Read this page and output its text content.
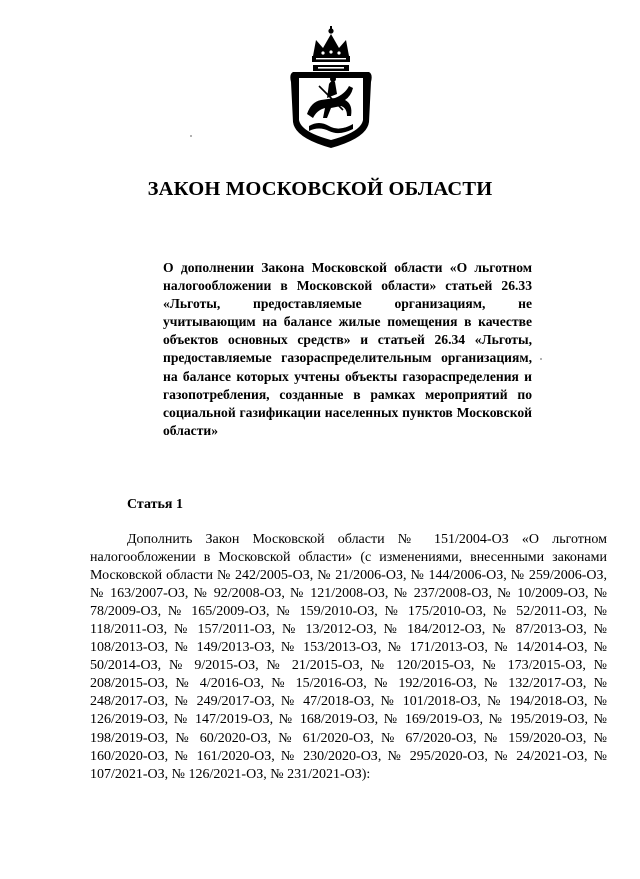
ЗАКОН МОСКОВСКОЙ ОБЛАСТИ

О дополнении Закона Московской области «О льготном налогообложении в Московской области» статьей 26.33 «Льготы, предоставляемые организациям, не учитывающим на балансе жилые помещения в качестве объектов основных средств» и статьей 26.34 «Льготы, предоставляемые газораспределительным организациям, на балансе которых учтены объекты газораспределения и газопотребления, созданные в рамках мероприятий по социальной газификации населенных пунктов Московской области»

Статья 1

Дополнить Закон Московской области № 151/2004-ОЗ «О льготном налогообложении в Московской области» (с изменениями, внесенными законами Московской области № 242/2005-ОЗ, № 21/2006-ОЗ, № 144/2006-ОЗ, № 259/2006-ОЗ, № 163/2007-ОЗ, № 92/2008-ОЗ, № 121/2008-ОЗ, № 237/2008-ОЗ, № 10/2009-ОЗ, № 78/2009-ОЗ, № 165/2009-ОЗ, № 159/2010-ОЗ, № 175/2010-ОЗ, № 52/2011-ОЗ, № 118/2011-ОЗ, № 157/2011-ОЗ, № 13/2012-ОЗ, № 184/2012-ОЗ, № 87/2013-ОЗ, № 108/2013-ОЗ, № 149/2013-ОЗ, № 153/2013-ОЗ, № 171/2013-ОЗ, № 14/2014-ОЗ, № 50/2014-ОЗ, № 9/2015-ОЗ, № 21/2015-ОЗ, № 120/2015-ОЗ, № 173/2015-ОЗ, № 208/2015-ОЗ, № 4/2016-ОЗ, № 15/2016-ОЗ, № 192/2016-ОЗ, № 132/2017-ОЗ, № 248/2017-ОЗ, № 249/2017-ОЗ, № 47/2018-ОЗ, № 101/2018-ОЗ, № 194/2018-ОЗ, № 126/2019-ОЗ, № 147/2019-ОЗ, № 168/2019-ОЗ, № 169/2019-ОЗ, № 195/2019-ОЗ, № 198/2019-ОЗ, № 60/2020-ОЗ, № 61/2020-ОЗ, № 67/2020-ОЗ, № 159/2020-ОЗ, № 160/2020-ОЗ, № 161/2020-ОЗ, № 230/2020-ОЗ, № 295/2020-ОЗ, № 24/2021-ОЗ, № 107/2021-ОЗ, № 126/2021-ОЗ, № 231/2021-ОЗ):
